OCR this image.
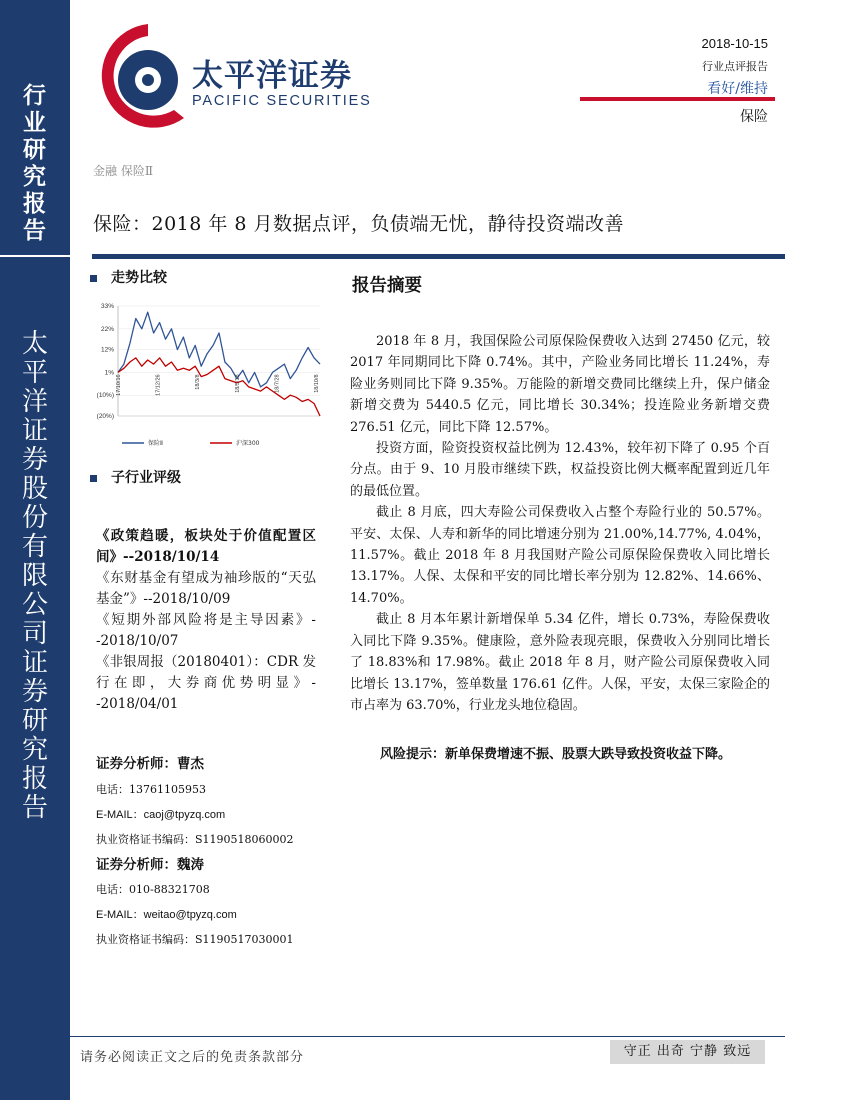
行
业
研
究
报
告
太
平
洋
证
券
股
份
有
限
公
司
证
券
研
究
报
告
太平洋证券
PACIFIC SECURITIES
2018-10-15
行业点评报告
看好/维持
保险
金融 保险Ⅱ
保险：2018 年 8 月数据点评，负债端无忧，静待投资端改善
走势比较
33%
22%
12%
1%
(10%)
(20%)
17/10/16	17/12/26	18/3/8	18/5/18	18/7/28	18/10/8
保险Ⅱ	沪深300
子行业评级

《政策趋暖，板块处于价值配置区间》--2018/10/14

《东财基金有望成为袖珍版的“天弘基金”》--2018/10/09

《短期外部风险将是主导因素》--2018/10/07

《非银周报（20180401）：CDR 发行在即，大券商优势明显》--2018/04/01

证券分析师：曹杰
电话：13761105953
E-MAIL：caoj@tpyzq.com
执业资格证书编码：S1190518060002
证券分析师：魏涛
电话：010-88321708
E-MAIL：weitao@tpyzq.com
执业资格证书编码：S1190517030001
报告摘要

2018 年 8 月，我国保险公司原保险保费收入达到 27450 亿元，较 2017 年同期同比下降 0.74%。其中，产险业务同比增长 11.24%，寿险业务则同比下降 9.35%。万能险的新增交费同比继续上升，保户储金新增交费为 5440.5 亿元，同比增长 30.34%；投连险业务新增交费 276.51 亿元，同比下降 12.57%。

投资方面，险资投资权益比例为 12.43%，较年初下降了 0.95 个百分点。由于 9、10 月股市继续下跌，权益投资比例大概率配置到近几年的最低位置。

截止 8 月底，四大寿险公司保费收入占整个寿险行业的 50.57%。平安、太保、人寿和新华的同比增速分别为 21.00%,14.77%, 4.04%，11.57%。截止 2018 年 8 月我国财产险公司原保险保费收入同比增长 13.17%。人保、太保和平安的同比增长率分别为 12.82%、14.66%、14.70%。

截止 8 月本年累计新增保单 5.34 亿件，增长 0.73%，寿险保费收入同比下降 9.35%。健康险，意外险表现亮眼，保费收入分别同比增长了 18.83%和 17.98%。截止 2018 年 8 月，财产险公司原保费收入同比增长 13.17%，签单数量 176.61 亿件。人保，平安，太保三家险企的市占率为 63.70%，行业龙头地位稳固。

风险提示：新单保费增速不振、股票大跌导致投资收益下降。
请务必阅读正文之后的免责条款部分	守正 出奇 宁静 致远
